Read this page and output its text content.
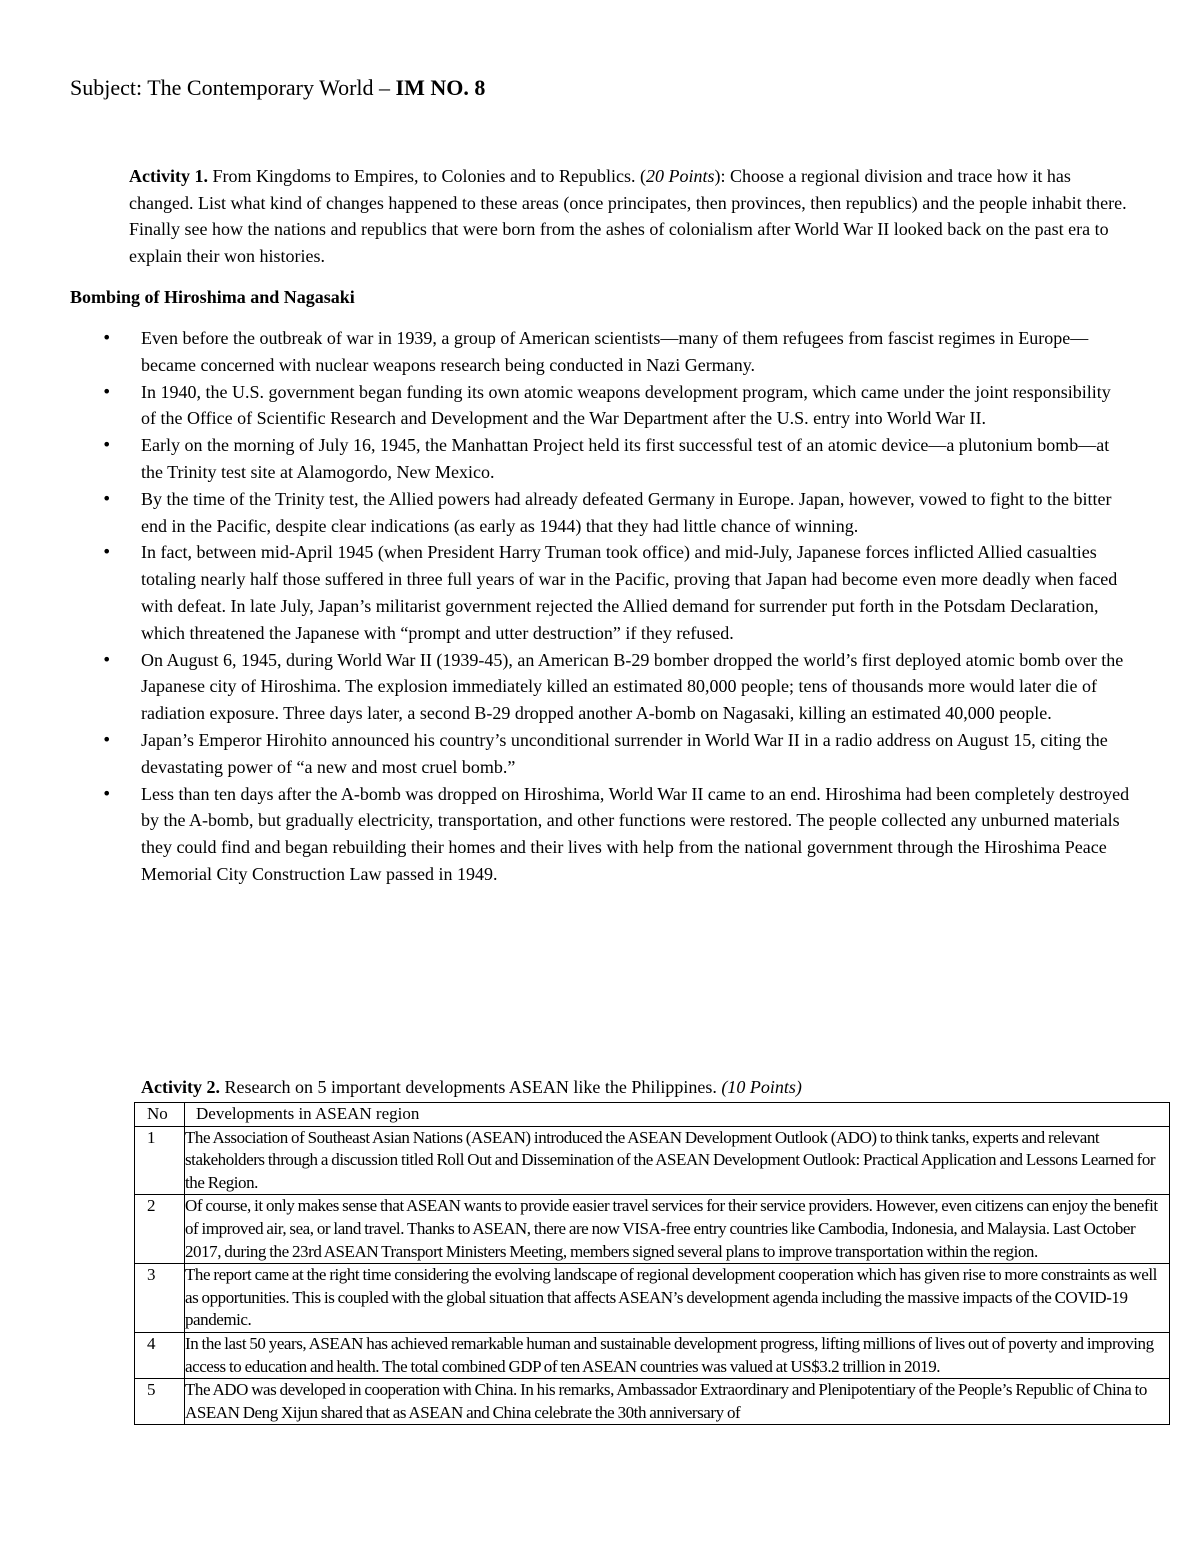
Subject: The Contemporary World – IM NO. 8
Activity 1. From Kingdoms to Empires, to Colonies and to Republics. (20 Points): Choose a regional division and trace how it has changed. List what kind of changes happened to these areas (once principates, then provinces, then republics) and the people inhabit there. Finally see how the nations and republics that were born from the ashes of colonialism after World War II looked back on the past era to explain their won histories.
Bombing of Hiroshima and Nagasaki
• Even before the outbreak of war in 1939, a group of American scientists—many of them refugees from fascist regimes in Europe—became concerned with nuclear weapons research being conducted in Nazi Germany.
• In 1940, the U.S. government began funding its own atomic weapons development program, which came under the joint responsibility of the Office of Scientific Research and Development and the War Department after the U.S. entry into World War II.
• Early on the morning of July 16, 1945, the Manhattan Project held its first successful test of an atomic device—a plutonium bomb—at the Trinity test site at Alamogordo, New Mexico.
• By the time of the Trinity test, the Allied powers had already defeated Germany in Europe. Japan, however, vowed to fight to the bitter end in the Pacific, despite clear indications (as early as 1944) that they had little chance of winning.
• In fact, between mid-April 1945 (when President Harry Truman took office) and mid-July, Japanese forces inflicted Allied casualties totaling nearly half those suffered in three full years of war in the Pacific, proving that Japan had become even more deadly when faced with defeat. In late July, Japan’s militarist government rejected the Allied demand for surrender put forth in the Potsdam Declaration, which threatened the Japanese with “prompt and utter destruction” if they refused.
• On August 6, 1945, during World War II (1939-45), an American B-29 bomber dropped the world’s first deployed atomic bomb over the Japanese city of Hiroshima. The explosion immediately killed an estimated 80,000 people; tens of thousands more would later die of radiation exposure. Three days later, a second B-29 dropped another A-bomb on Nagasaki, killing an estimated 40,000 people.
• Japan’s Emperor Hirohito announced his country’s unconditional surrender in World War II in a radio address on August 15, citing the devastating power of “a new and most cruel bomb.”
• Less than ten days after the A-bomb was dropped on Hiroshima, World War II came to an end. Hiroshima had been completely destroyed by the A-bomb, but gradually electricity, transportation, and other functions were restored. The people collected any unburned materials they could find and began rebuilding their homes and their lives with help from the national government through the Hiroshima Peace Memorial City Construction Law passed in 1949.
Activity 2. Research on 5 important developments ASEAN like the Philippines. (10 Points)
No	Developments in ASEAN region
1	The Association of Southeast Asian Nations (ASEAN) introduced the ASEAN Development Outlook (ADO) to think tanks, experts and relevant stakeholders through a discussion titled Roll Out and Dissemination of the ASEAN Development Outlook: Practical Application and Lessons Learned for the Region.
2	Of course, it only makes sense that ASEAN wants to provide easier travel services for their service providers. However, even citizens can enjoy the benefit of improved air, sea, or land travel. Thanks to ASEAN, there are now VISA-free entry countries like Cambodia, Indonesia, and Malaysia. Last October 2017, during the 23rd ASEAN Transport Ministers Meeting, members signed several plans to improve transportation within the region.
3	The report came at the right time considering the evolving landscape of regional development cooperation which has given rise to more constraints as well as opportunities. This is coupled with the global situation that affects ASEAN’s development agenda including the massive impacts of the COVID-19 pandemic.
4	In the last 50 years, ASEAN has achieved remarkable human and sustainable development progress, lifting millions of lives out of poverty and improving access to education and health. The total combined GDP of ten ASEAN countries was valued at US$3.2 trillion in 2019.
5	The ADO was developed in cooperation with China. In his remarks, Ambassador Extraordinary and Plenipotentiary of the People’s Republic of China to ASEAN Deng Xijun shared that as ASEAN and China celebrate the 30th anniversary of
